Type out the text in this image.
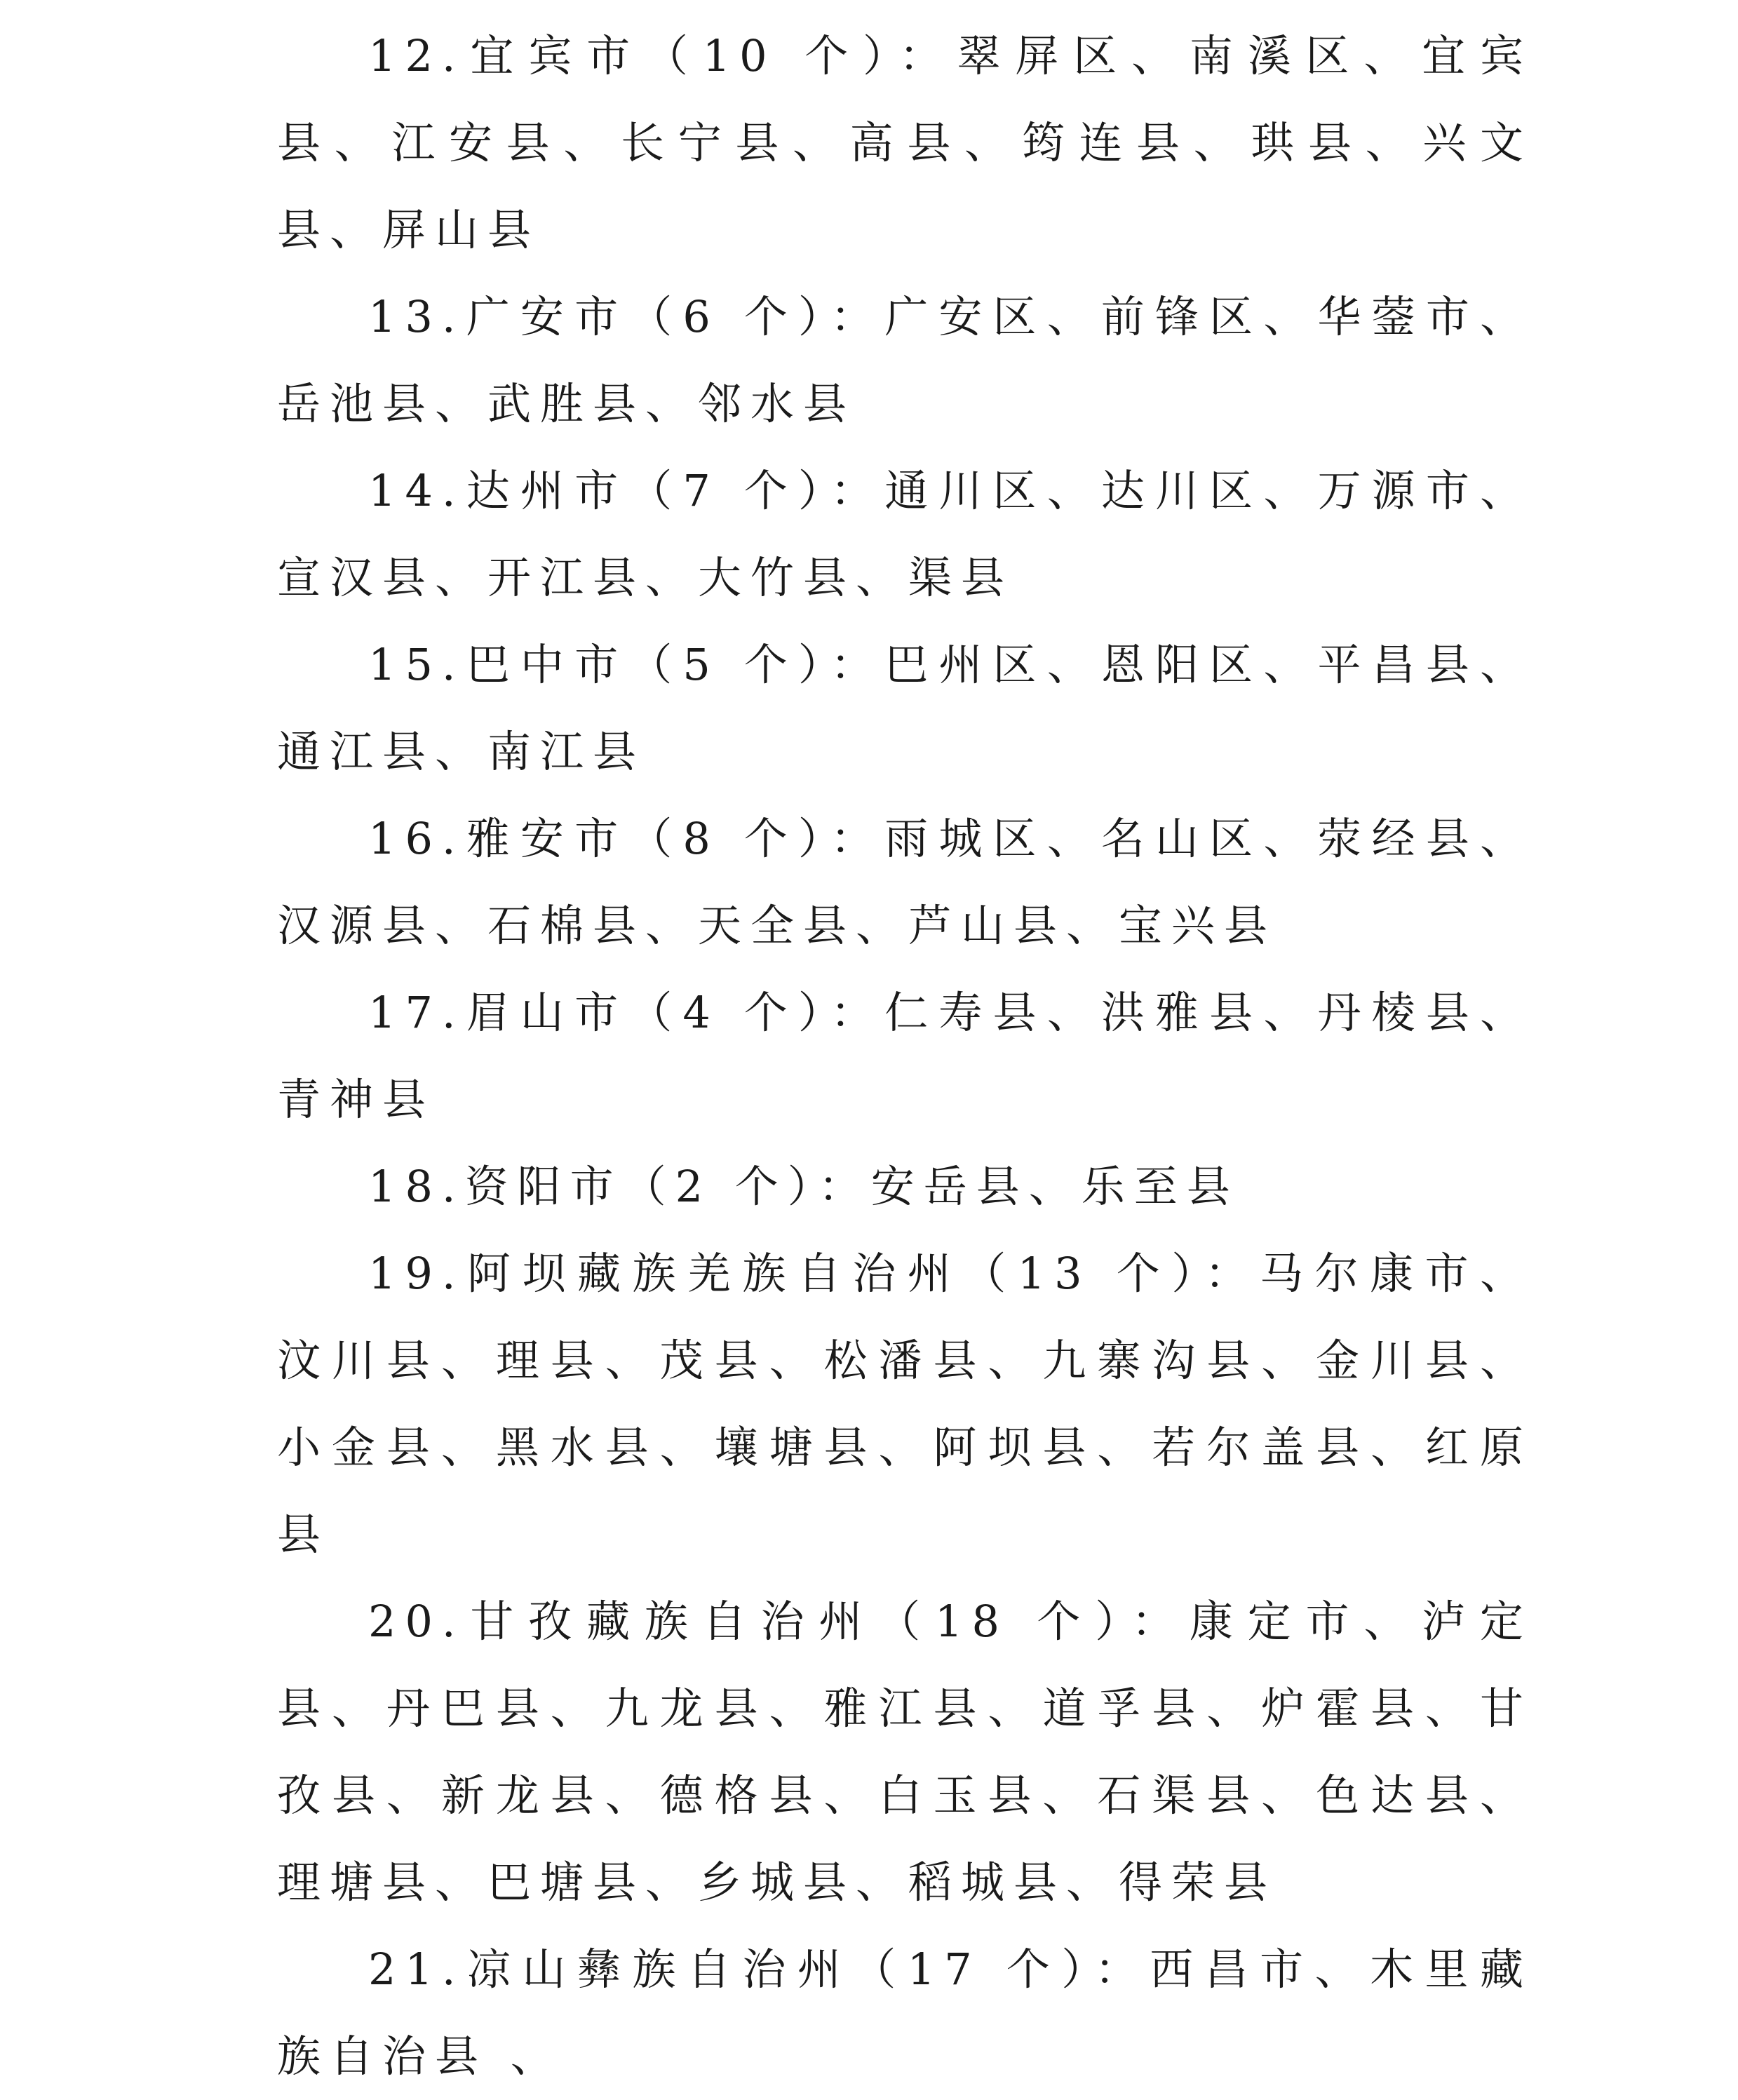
12.宜宾市（10 个）：翠屏区、南溪区、宜宾县、江安县、长宁县、高县、筠连县、珙县、兴文县、屏山县

13.广安市（6 个）：广安区、前锋区、华蓥市、岳池县、武胜县、邻水县

14.达州市（7 个）：通川区、达川区、万源市、宣汉县、开江县、大竹县、渠县

15.巴中市（5 个）：巴州区、恩阳区、平昌县、通江县、南江县

16.雅安市（8 个）：雨城区、名山区、荥经县、汉源县、石棉县、天全县、芦山县、宝兴县

17.眉山市（4 个）：仁寿县、洪雅县、丹棱县、青神县

18.资阳市（2 个）：安岳县、乐至县

19.阿坝藏族羌族自治州（13 个）：马尔康市、汶川县、理县、茂县、松潘县、九寨沟县、金川县、小金县、黑水县、壤塘县、阿坝县、若尔盖县、红原县

20.甘孜藏族自治州（18 个）：康定市、泸定县、丹巴县、九龙县、雅江县、道孚县、炉霍县、甘孜县、新龙县、德格县、白玉县、石渠县、色达县、理塘县、巴塘县、乡城县、稻城县、得荣县

21.凉山彝族自治州（17 个）：西昌市、木里藏族自治县 、
